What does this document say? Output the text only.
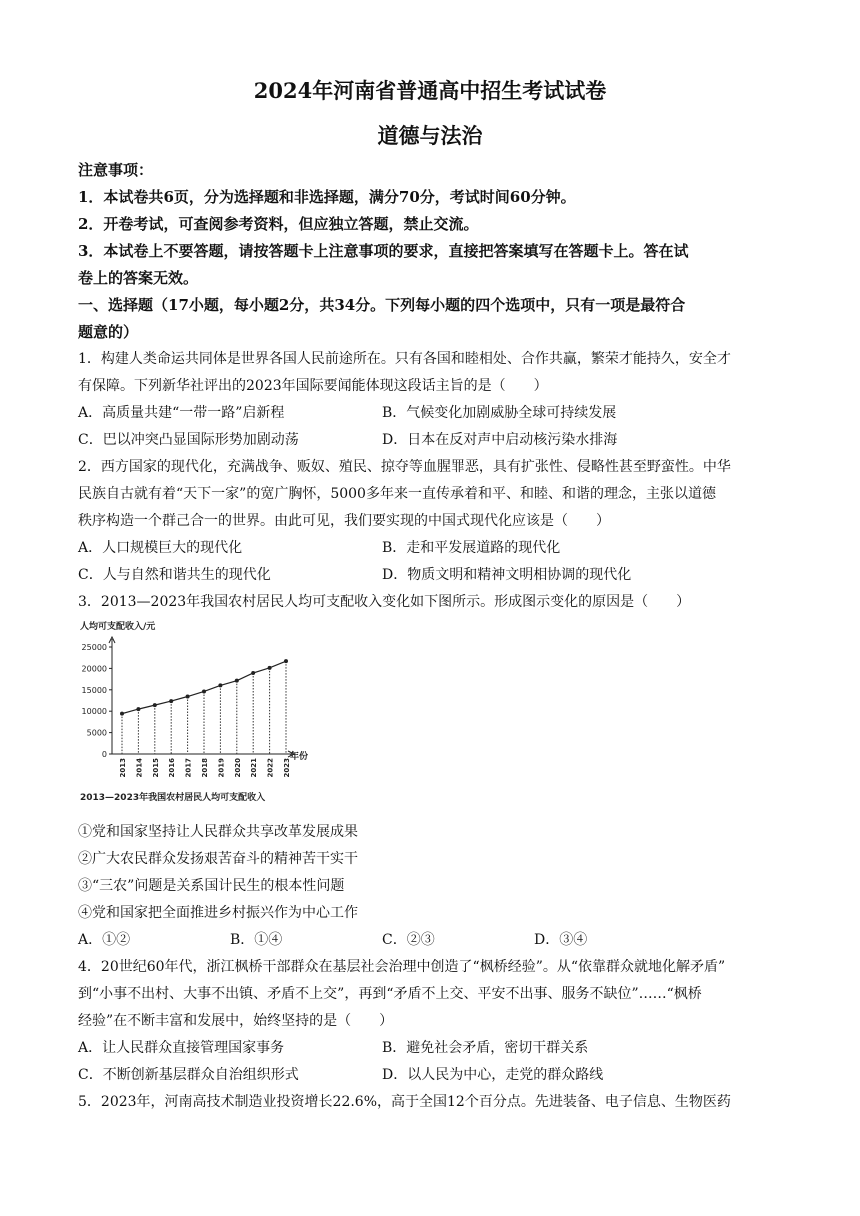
2024年河南省普通高中招生考试试卷
道德与法治
注意事项：
1．本试卷共6页，分为选择题和非选择题，满分70分，考试时间60分钟。
2．开卷考试，可查阅参考资料，但应独立答题，禁止交流。
3．本试卷上不要答题，请按答题卡上注意事项的要求，直接把答案填写在答题卡上。答在试
卷上的答案无效。
一、选择题（17小题，每小题2分，共34分。下列每小题的四个选项中，只有一项是最符合
题意的）
1．构建人类命运共同体是世界各国人民前途所在。只有各国和睦相处、合作共赢，繁荣才能持久，安全才
有保障。下列新华社评出的2023年国际要闻能体现这段话主旨的是（　　）
A．高质量共建“一带一路”启新程	B．气候变化加剧威胁全球可持续发展
C．巴以冲突凸显国际形势加剧动荡	D．日本在反对声中启动核污染水排海
2．西方国家的现代化，充满战争、贩奴、殖民、掠夺等血腥罪恶，具有扩张性、侵略性甚至野蛮性。中华
民族自古就有着“天下一家”的宽广胸怀，5000多年来一直传承着和平、和睦、和谐的理念，主张以道德
秩序构造一个群己合一的世界。由此可见，我们要实现的中国式现代化应该是（　　）
A．人口规模巨大的现代化	B．走和平发展道路的现代化
C．人与自然和谐共生的现代化	D．物质文明和精神文明相协调的现代化
3．2013—2023年我国农村居民人均可支配收入变化如下图所示。形成图示变化的原因是（　　）
人均可支配收入/元
年份
2013—2023年我国农村居民人均可支配收入
0
5000
10000
15000
20000
25000
2013 2014 2015 2016 2017 2018 2019 2020 2021 2022 2023
①党和国家坚持让人民群众共享改革发展成果
②广大农民群众发扬艰苦奋斗的精神苦干实干
③“三农”问题是关系国计民生的根本性问题
④党和国家把全面推进乡村振兴作为中心工作
A．①②	B．①④	C．②③	D．③④
4．20世纪60年代，浙江枫桥干部群众在基层社会治理中创造了“枫桥经验”。从“依靠群众就地化解矛盾”
到“小事不出村、大事不出镇、矛盾不上交”，再到“矛盾不上交、平安不出事、服务不缺位”……“枫桥
经验”在不断丰富和发展中，始终坚持的是（　　）
A．让人民群众直接管理国家事务	B．避免社会矛盾，密切干群关系
C．不断创新基层群众自治组织形式	D．以人民为中心，走党的群众路线
5．2023年，河南高技术制造业投资增长22.6%，高于全国12个百分点。先进装备、电子信息、生物医药
